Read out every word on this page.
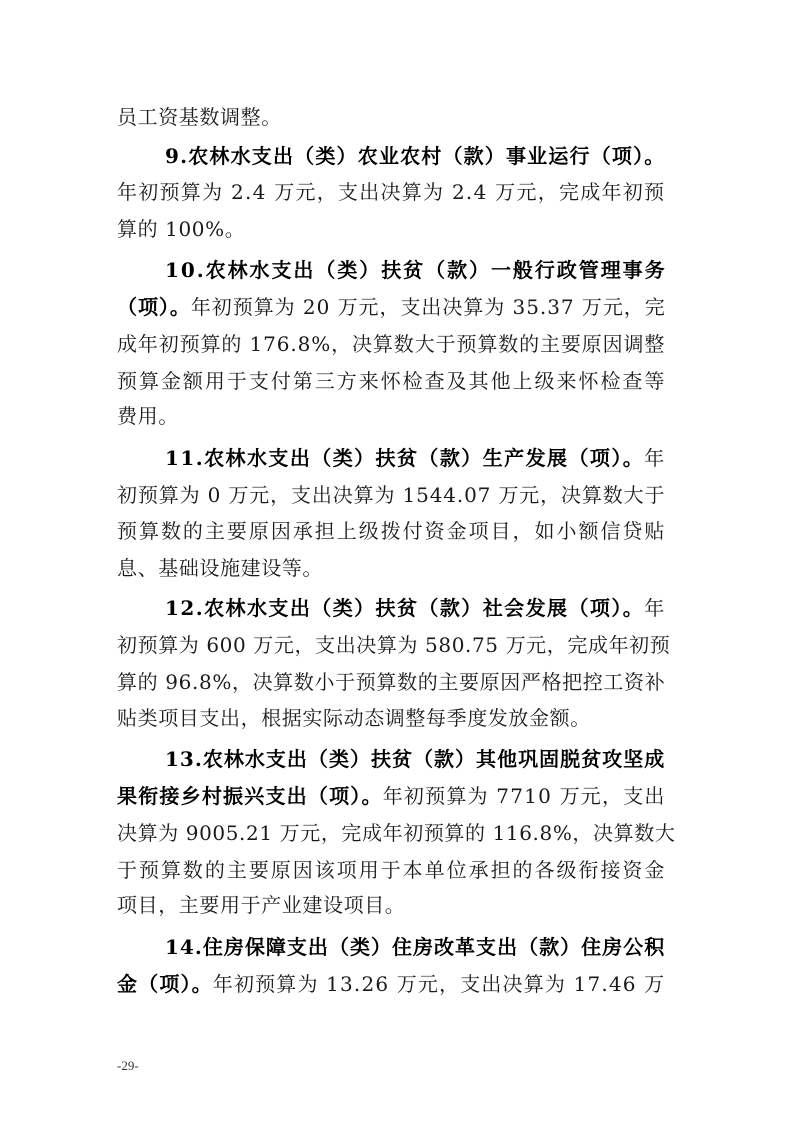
员工资基数调整。
9.农林水支出（类）农业农村（款）事业运行（项）。
年初预算为 2.4 万元，支出决算为 2.4 万元，完成年初预
算的 100%。
10.农林水支出（类）扶贫（款）一般行政管理事务
（项）。年初预算为 20 万元，支出决算为 35.37 万元，完
成年初预算的 176.8%，决算数大于预算数的主要原因调整
预算金额用于支付第三方来怀检查及其他上级来怀检查等
费用。
11.农林水支出（类）扶贫（款）生产发展（项）。年
初预算为 0 万元，支出决算为 1544.07 万元，决算数大于
预算数的主要原因承担上级拨付资金项目，如小额信贷贴
息、基础设施建设等。
12.农林水支出（类）扶贫（款）社会发展（项）。年
初预算为 600 万元，支出决算为 580.75 万元，完成年初预
算的 96.8%，决算数小于预算数的主要原因严格把控工资补
贴类项目支出，根据实际动态调整每季度发放金额。
13.农林水支出（类）扶贫（款）其他巩固脱贫攻坚成
果衔接乡村振兴支出（项）。年初预算为 7710 万元，支出
决算为 9005.21 万元，完成年初预算的 116.8%，决算数大
于预算数的主要原因该项用于本单位承担的各级衔接资金
项目，主要用于产业建设项目。
14.住房保障支出（类）住房改革支出（款）住房公积
金（项）。年初预算为 13.26 万元，支出决算为 17.46 万
-29-
